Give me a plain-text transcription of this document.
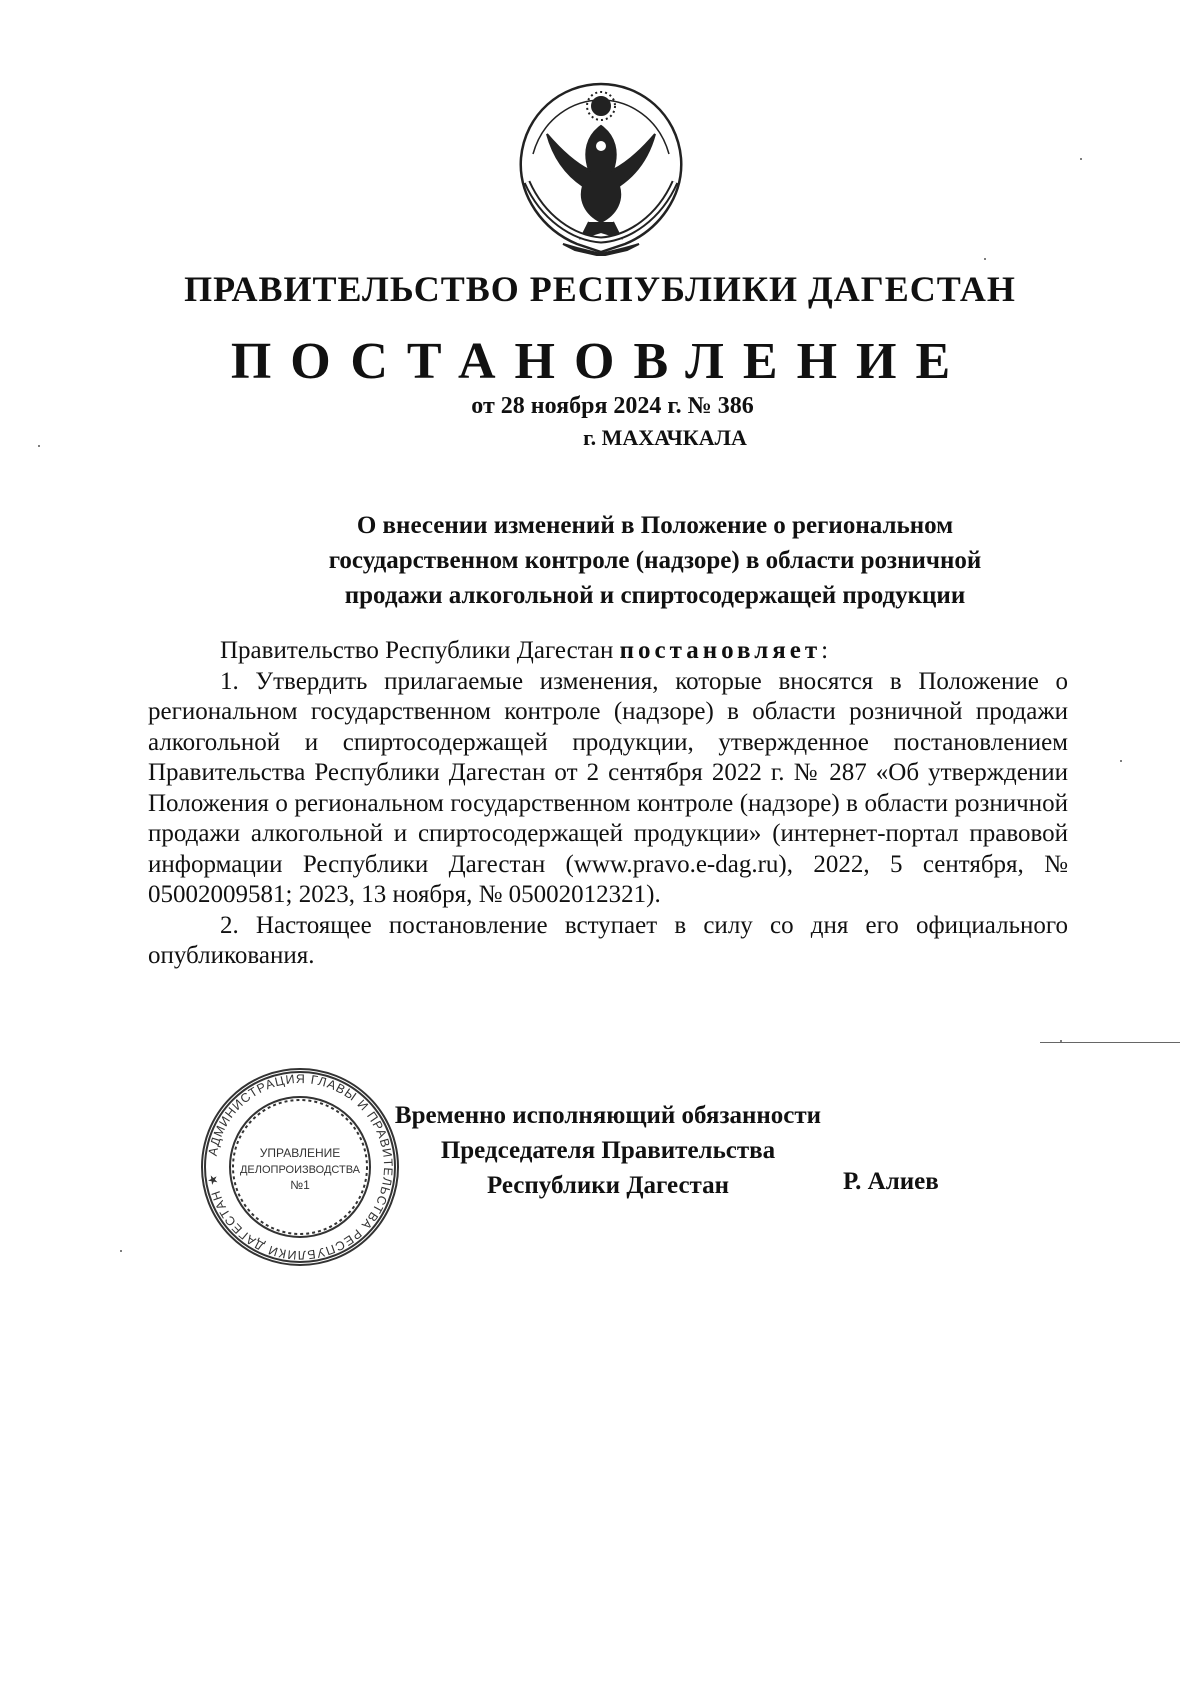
ПРАВИТЕЛЬСТВО РЕСПУБЛИКИ ДАГЕСТАН
ПОСТАНОВЛЕНИЕ
от 28 ноября 2024 г. № 386
г. МАХАЧКАЛА
О внесении изменений в Положение о региональном
государственном контроле (надзоре) в области розничной
продажи алкогольной и спиртосодержащей продукции

Правительство Республики Дагестан постановляет:

1. Утвердить прилагаемые изменения, которые вносятся в Положение о региональном государственном контроле (надзоре) в области розничной продажи алкогольной и спиртосодержащей продукции, утвержденное постановлением Правительства Республики Дагестан от 2 сентября 2022 г. № 287 «Об утверждении Положения о региональном государственном контроле (надзоре) в области розничной продажи алкогольной и спиртосодержащей продукции» (интернет-портал правовой информации Республики Дагестан (www.pravo.e-dag.ru), 2022, 5 сентября, № 05002009581; 2023, 13 ноября, № 05002012321).

2. Настоящее постановление вступает в силу со дня его официального опубликования.

АДМИНИСТРАЦИЯ ГЛАВЫ И ПРАВИТЕЛЬСТВА РЕСПУБЛИКИ ДАГЕСТАН ★
УПРАВЛЕНИЕ
ДЕЛОПРОИЗВОДСТВА
№1
Временно исполняющий обязанности
Председателя Правительства
Республики Дагестан	Р. Алиев
